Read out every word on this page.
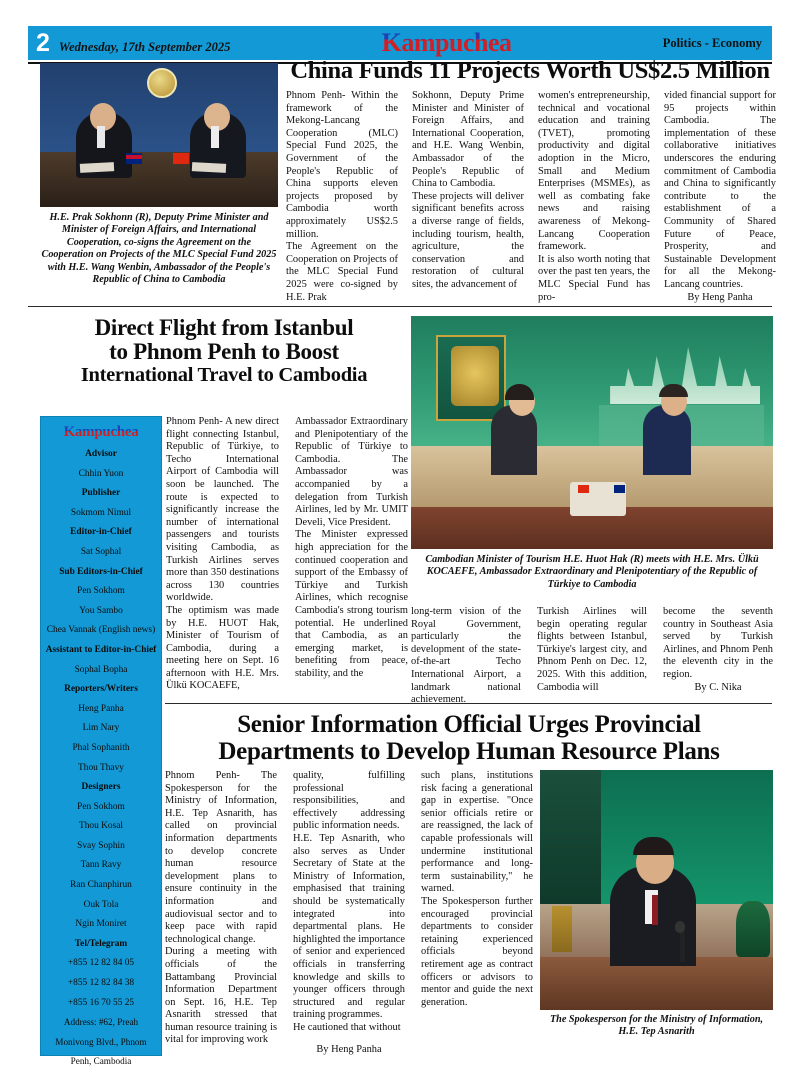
2 Wednesday, 17th September 2025	Kampuchea	Politics - Economy
H.E. Prak Sokhonn (R), Deputy Prime Minister and Minister of Foreign Affairs, and International Cooperation, co-signs the Agreement on the Cooperation on Projects of the MLC Special Fund 2025 with H.E. Wang Wenbin, Ambassador of the People's Republic of China to Cambodia
China Funds 11 Projects Worth US$2.5 Million

Phnom Penh- Within the framework of the Mekong-Lancang Cooperation (MLC) Special Fund 2025, the Government of the People's Republic of China supports eleven projects proposed by Cambodia worth approximately US$2.5 million.

The Agreement on the Cooperation on Projects of the MLC Special Fund 2025 were co-signed by H.E. Prak

Sokhonn, Deputy Prime Minister and Minister of Foreign Affairs, and International Cooperation, and H.E. Wang Wenbin, Ambassador of the People's Republic of China to Cambodia.

These projects will deliver significant benefits across a diverse range of fields, including tourism, health, agriculture, the conservation and restoration of cultural sites, the advancement of

women's entrepreneurship, technical and vocational education and training (TVET), promoting productivity and digital adoption in the Micro, Small and Medium Enterprises (MSMEs), as well as combating fake news and raising awareness of Mekong-Lancang Cooperation framework.

It is also worth noting that over the past ten years, the MLC Special Fund has pro-

vided financial support for 95 projects within Cambodia. The implementation of these collaborative initiatives underscores the enduring commitment of Cambodia and China to significantly contribute to the establishment of a Community of Shared Future of Peace, Prosperity, and Sustainable Development for all the Mekong-Lancang countries.

By Heng Panha
Direct Flight from Istanbul
to Phnom Penh to Boost
International Travel to Cambodia
Cambodian Minister of Tourism H.E. Huot Hak (R) meets with H.E. Mrs. Ülkü KOCAEFE, Ambassador Extraordinary and Plenipotentiary of the Republic of Türkiye to Cambodia
Kampuchea
Advisor
Chhin Yuon
Publisher
Sokmom Nimul
Editor-in-Chief
Sat Sophal
Sub Editors-in-Chief
Pen Sokhom
You Sambo
Chea Vannak (English news)
Assistant to Editor-in-Chief
Sophal Bopha
Reporters/Writers
Heng Panha
Lim Nary
Phal Sophanith
Thou Thavy
Designers
Pen Sokhom
Thou Kosal
Svay Sophin
Tann Ravy
Ran Chanphirun
Ouk Tola
Ngin Moniret
Tel/Telegram
+855 12 82 84 05
+855 12 82 84 38
+855 16 70 55 25
Address: #62, Preah Monivong Blvd., Phnom Penh, Cambodia

Phnom Penh- A new direct flight connecting Istanbul, Republic of Türkiye, to Techo International Airport of Cambodia will soon be launched. The route is expected to significantly increase the number of international passengers and tourists visiting Cambodia, as Turkish Airlines serves more than 350 destinations across 130 countries worldwide.

The optimism was made by H.E. HUOT Hak, Minister of Tourism of Cambodia, during a meeting here on Sept. 16 afternoon with H.E. Mrs. Ülkü KOCAEFE,

Ambassador Extraordinary and Plenipotentiary of the Republic of Türkiye to Cambodia. The Ambassador was accompanied by a delegation from Turkish Airlines, led by Mr. UMIT Develi, Vice President.

The Minister expressed high appreciation for the continued cooperation and support of the Embassy of Türkiye and Turkish Airlines, which recognise Cambodia's strong tourism potential. He underlined that Cambodia, as an emerging market, is benefiting from peace, stability, and the

long-term vision of the Royal Government, particularly the development of the state-of-the-art Techo International Airport, a landmark national achievement.

Turkish Airlines will begin operating regular flights between Istanbul, Türkiye's largest city, and Phnom Penh on Dec. 12, 2025. With this addition, Cambodia will

become the seventh country in Southeast Asia served by Turkish Airlines, and Phnom Penh the eleventh city in the region.

By C. Nika
Senior Information Official Urges Provincial
Departments to Develop Human Resource Plans

Phnom Penh- The Spokesperson for the Ministry of Information, H.E. Tep Asnarith, has called on provincial information departments to develop concrete human resource development plans to ensure continuity in the information and audiovisual sector and to keep pace with rapid technological change.

During a meeting with officials of the Battambang Provincial Information Department on Sept. 16, H.E. Tep Asnarith stressed that human resource training is vital for improving work

quality, fulfilling professional responsibilities, and effectively addressing public information needs.

H.E. Tep Asnarith, who also serves as Under Secretary of State at the Ministry of Information, emphasised that training should be systematically integrated into departmental plans. He highlighted the importance of senior and experienced officials in transferring knowledge and skills to younger officers through structured and regular training programmes.

He cautioned that without

By Heng Panha

such plans, institutions risk facing a generational gap in expertise. "Once senior officials retire or are reassigned, the lack of capable professionals will undermine institutional performance and long-term sustainability," he warned.

The Spokesperson further encouraged provincial departments to consider retaining experienced officials beyond retirement age as contract officers or advisors to mentor and guide the next generation.

The Spokesperson for the Ministry of Information, H.E. Tep Asnarith
